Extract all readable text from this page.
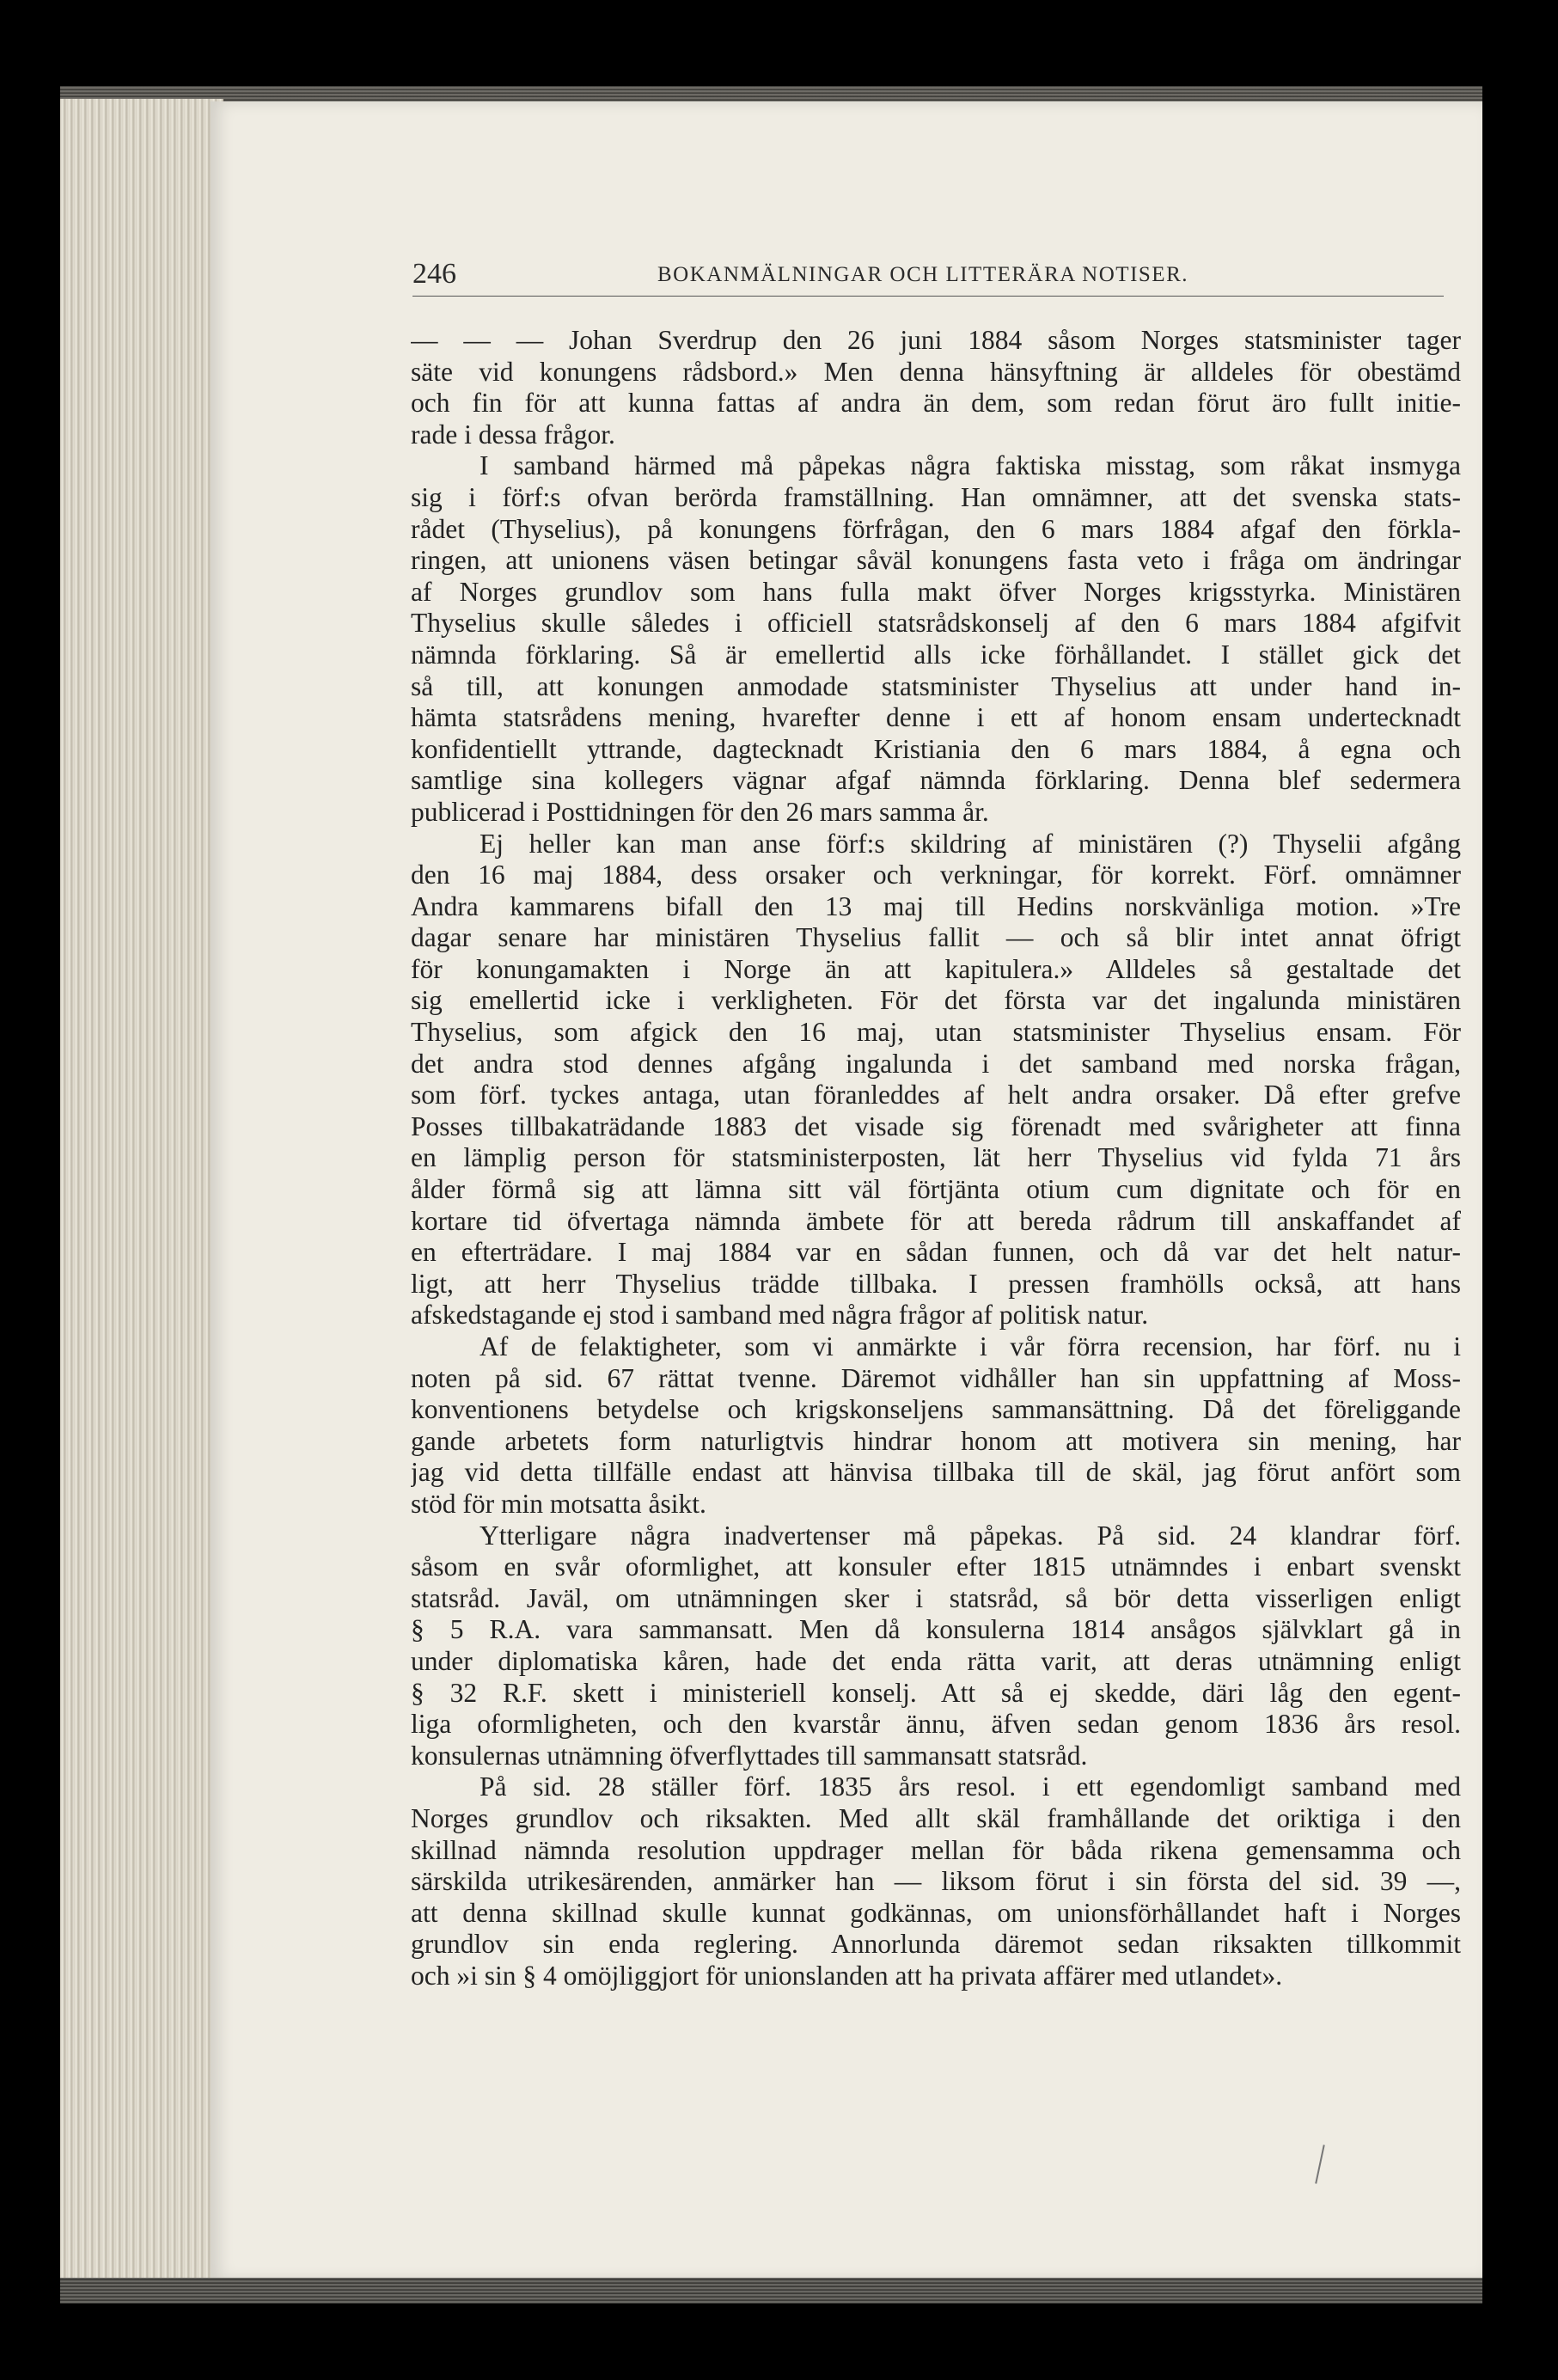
246	BOKANMÄLNINGAR OCH LITTERÄRA NOTISER.
— — — Johan Sverdrup den 26 juni 1884 såsom Norges statsminister tager
säte vid konungens rådsbord.» Men denna hänsyftning är alldeles för obestämd
och fin för att kunna fattas af andra än dem, som redan förut äro fullt initie-
rade i dessa frågor.
I samband härmed må påpekas några faktiska misstag, som råkat insmyga
sig i förf:s ofvan berörda framställning. Han omnämner, att det svenska stats-
rådet (Thyselius), på konungens förfrågan, den 6 mars 1884 afgaf den förkla-
ringen, att unionens väsen betingar såväl konungens fasta veto i fråga om ändringar
af Norges grundlov som hans fulla makt öfver Norges krigsstyrka. Ministären
Thyselius skulle således i officiell statsrådskonselj af den 6 mars 1884 afgifvit
nämnda förklaring. Så är emellertid alls icke förhållandet. I stället gick det
så till, att konungen anmodade statsminister Thyselius att under hand in-
hämta statsrådens mening, hvarefter denne i ett af honom ensam undertecknadt
konfidentiellt yttrande, dagtecknadt Kristiania den 6 mars 1884, å egna och
samtlige sina kollegers vägnar afgaf nämnda förklaring. Denna blef sedermera
publicerad i Posttidningen för den 26 mars samma år.
Ej heller kan man anse förf:s skildring af ministären (?) Thyselii afgång
den 16 maj 1884, dess orsaker och verkningar, för korrekt. Förf. omnämner
Andra kammarens bifall den 13 maj till Hedins norskvänliga motion. »Tre
dagar senare har ministären Thyselius fallit — och så blir intet annat öfrigt
för konungamakten i Norge än att kapitulera.» Alldeles så gestaltade det
sig emellertid icke i verkligheten. För det första var det ingalunda ministären
Thyselius, som afgick den 16 maj, utan statsminister Thyselius ensam. För
det andra stod dennes afgång ingalunda i det samband med norska frågan,
som förf. tyckes antaga, utan föranleddes af helt andra orsaker. Då efter grefve
Posses tillbakaträdande 1883 det visade sig förenadt med svårigheter att finna
en lämplig person för statsministerposten, lät herr Thyselius vid fylda 71 års
ålder förmå sig att lämna sitt väl förtjänta otium cum dignitate och för en
kortare tid öfvertaga nämnda ämbete för att bereda rådrum till anskaffandet af
en efterträdare. I maj 1884 var en sådan funnen, och då var det helt natur-
ligt, att herr Thyselius trädde tillbaka. I pressen framhölls också, att hans
afskedstagande ej stod i samband med några frågor af politisk natur.
Af de felaktigheter, som vi anmärkte i vår förra recension, har förf. nu i
noten på sid. 67 rättat tvenne. Däremot vidhåller han sin uppfattning af Moss-
konventionens betydelse och krigskonseljens sammansättning. Då det föreliggande
gande arbetets form naturligtvis hindrar honom att motivera sin mening, har
jag vid detta tillfälle endast att hänvisa tillbaka till de skäl, jag förut anfört som
stöd för min motsatta åsikt.
Ytterligare några inadvertenser må påpekas. På sid. 24 klandrar förf.
såsom en svår oformlighet, att konsuler efter 1815 utnämndes i enbart svenskt
statsråd. Javäl, om utnämningen sker i statsråd, så bör detta visserligen enligt
§ 5 R.A. vara sammansatt. Men då konsulerna 1814 ansågos självklart gå in
under diplomatiska kåren, hade det enda rätta varit, att deras utnämning enligt
§ 32 R.F. skett i ministeriell konselj. Att så ej skedde, däri låg den egent-
liga oformligheten, och den kvarstår ännu, äfven sedan genom 1836 års resol.
konsulernas utnämning öfverflyttades till sammansatt statsråd.
På sid. 28 ställer förf. 1835 års resol. i ett egendomligt samband med
Norges grundlov och riksakten. Med allt skäl framhållande det oriktiga i den
skillnad nämnda resolution uppdrager mellan för båda rikena gemensamma och
särskilda utrikesärenden, anmärker han — liksom förut i sin första del sid. 39 —,
att denna skillnad skulle kunnat godkännas, om unionsförhållandet haft i Norges
grundlov sin enda reglering. Annorlunda däremot sedan riksakten tillkommit
och »i sin § 4 omöjliggjort för unionslanden att ha privata affärer med utlandet».
